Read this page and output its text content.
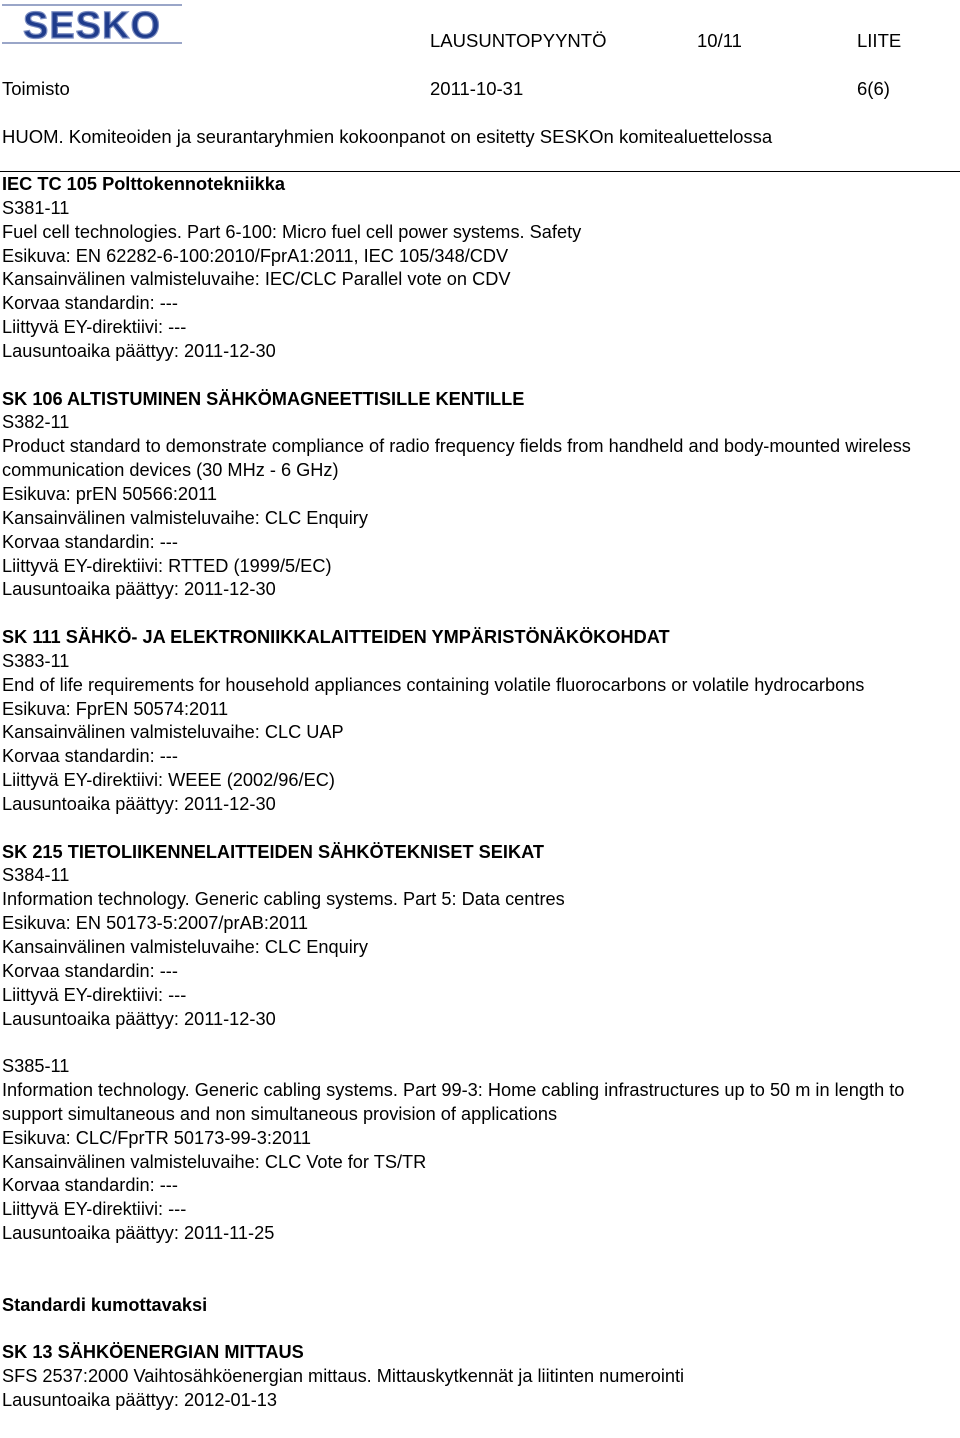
SESKO	LAUSUNTOPYYNTÖ	10/11	LIITE
Toimisto	2011-10-31	6(6)
HUOM. Komiteoiden ja seurantaryhmien kokoonpanot on esitetty SESKOn komitealuettelossa
IEC TC 105 Polttokennotekniikka
S381-11
Fuel cell technologies. Part 6-100: Micro fuel cell power systems. Safety
Esikuva: EN 62282-6-100:2010/FprA1:2011, IEC 105/348/CDV
Kansainvälinen valmisteluvaihe: IEC/CLC Parallel vote on CDV
Korvaa standardin: ---
Liittyvä EY-direktiivi: ---
Lausuntoaika päättyy: 2011-12-30
SK 106 ALTISTUMINEN SÄHKÖMAGNEETTISILLE KENTILLE
S382-11
Product standard to demonstrate compliance of radio frequency fields from handheld and body-mounted wireless communication devices (30 MHz - 6 GHz)
Esikuva: prEN 50566:2011
Kansainvälinen valmisteluvaihe: CLC Enquiry
Korvaa standardin: ---
Liittyvä EY-direktiivi: RTTED (1999/5/EC)
Lausuntoaika päättyy: 2011-12-30
SK 111 SÄHKÖ- JA ELEKTRONIIKKALAITTEIDEN YMPÄRISTÖNÄKÖKOHDAT
S383-11
End of life requirements for household appliances containing volatile fluorocarbons or volatile hydrocarbons
Esikuva: FprEN 50574:2011
Kansainvälinen valmisteluvaihe: CLC UAP
Korvaa standardin: ---
Liittyvä EY-direktiivi: WEEE (2002/96/EC)
Lausuntoaika päättyy: 2011-12-30
SK 215 TIETOLIIKENNELAITTEIDEN SÄHKÖTEKNISET SEIKAT
S384-11
Information technology. Generic cabling systems. Part 5: Data centres
Esikuva: EN 50173-5:2007/prAB:2011
Kansainvälinen valmisteluvaihe: CLC Enquiry
Korvaa standardin: ---
Liittyvä EY-direktiivi: ---
Lausuntoaika päättyy: 2011-12-30
S385-11
Information technology. Generic cabling systems. Part 99-3: Home cabling infrastructures up to 50 m in length to support simultaneous and non simultaneous provision of applications
Esikuva: CLC/FprTR 50173-99-3:2011
Kansainvälinen valmisteluvaihe: CLC Vote for TS/TR
Korvaa standardin: ---
Liittyvä EY-direktiivi: ---
Lausuntoaika päättyy: 2011-11-25
Standardi kumottavaksi
SK 13 SÄHKÖENERGIAN MITTAUS
SFS 2537:2000 Vaihtosähköenergian mittaus. Mittauskytkennät ja liitinten numerointi
Lausuntoaika päättyy: 2012-01-13
